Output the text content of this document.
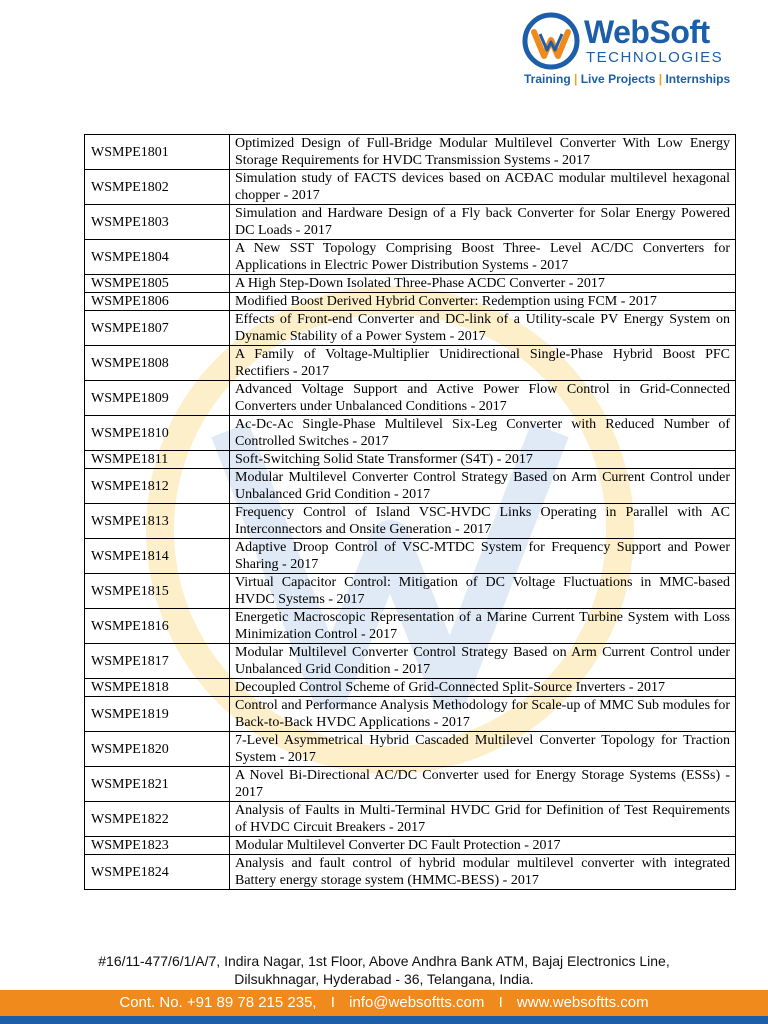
WebSoft
TECHNOLOGIES
Training | Live Projects | Internships
WSMPE1801	Optimized Design of Full-Bridge Modular Multilevel Converter With Low Energy Storage Requirements for HVDC Transmission Systems - 2017
WSMPE1802	Simulation study of FACTS devices based on ACĐAC modular multilevel hexagonal chopper - 2017
WSMPE1803	Simulation and Hardware Design of a Fly back Converter for Solar Energy Powered DC Loads - 2017
WSMPE1804	A New SST Topology Comprising Boost Three- Level AC/DC Converters for Applications in Electric Power Distribution Systems - 2017
WSMPE1805	A High Step-Down Isolated Three-Phase ACDC Converter - 2017
WSMPE1806	Modified Boost Derived Hybrid Converter: Redemption using FCM - 2017
WSMPE1807	Effects of Front-end Converter and DC-link of a Utility-scale PV Energy System on Dynamic Stability of a Power System - 2017
WSMPE1808	A Family of Voltage-Multiplier Unidirectional Single-Phase Hybrid Boost PFC Rectifiers - 2017
WSMPE1809	Advanced Voltage Support and Active Power Flow Control in Grid-Connected Converters under Unbalanced Conditions - 2017
WSMPE1810	Ac-Dc-Ac Single-Phase Multilevel Six-Leg Converter with Reduced Number of Controlled Switches - 2017
WSMPE1811	Soft-Switching Solid State Transformer (S4T) - 2017
WSMPE1812	Modular Multilevel Converter Control Strategy Based on Arm Current Control under Unbalanced Grid Condition - 2017
WSMPE1813	Frequency Control of Island VSC-HVDC Links Operating in Parallel with AC Interconnectors and Onsite Generation - 2017
WSMPE1814	Adaptive Droop Control of VSC-MTDC System for Frequency Support and Power Sharing - 2017
WSMPE1815	Virtual Capacitor Control: Mitigation of DC Voltage Fluctuations in MMC-based HVDC Systems - 2017
WSMPE1816	Energetic Macroscopic Representation of a Marine Current Turbine System with Loss Minimization Control - 2017
WSMPE1817	Modular Multilevel Converter Control Strategy Based on Arm Current Control under Unbalanced Grid Condition - 2017
WSMPE1818	Decoupled Control Scheme of Grid-Connected Split-Source Inverters - 2017
WSMPE1819	Control and Performance Analysis Methodology for Scale-up of MMC Sub modules for Back-to-Back HVDC Applications - 2017
WSMPE1820	7-Level Asymmetrical Hybrid Cascaded Multilevel Converter Topology for Traction System - 2017
WSMPE1821	A Novel Bi-Directional AC/DC Converter used for Energy Storage Systems (ESSs) - 2017
WSMPE1822	Analysis of Faults in Multi-Terminal HVDC Grid for Definition of Test Requirements of HVDC Circuit Breakers - 2017
WSMPE1823	Modular Multilevel Converter DC Fault Protection - 2017
WSMPE1824	Analysis and fault control of hybrid modular multilevel converter with integrated Battery energy storage system (HMMC-BESS) - 2017
#16/11-477/6/1/A/7, Indira Nagar, 1st Floor, Above Andhra Bank ATM, Bajaj Electronics Line,
Dilsukhnagar, Hyderabad - 36, Telangana, India.
Cont. No. +91 89 78 215 235, I info@websoftts.com I www.websoftts.com
